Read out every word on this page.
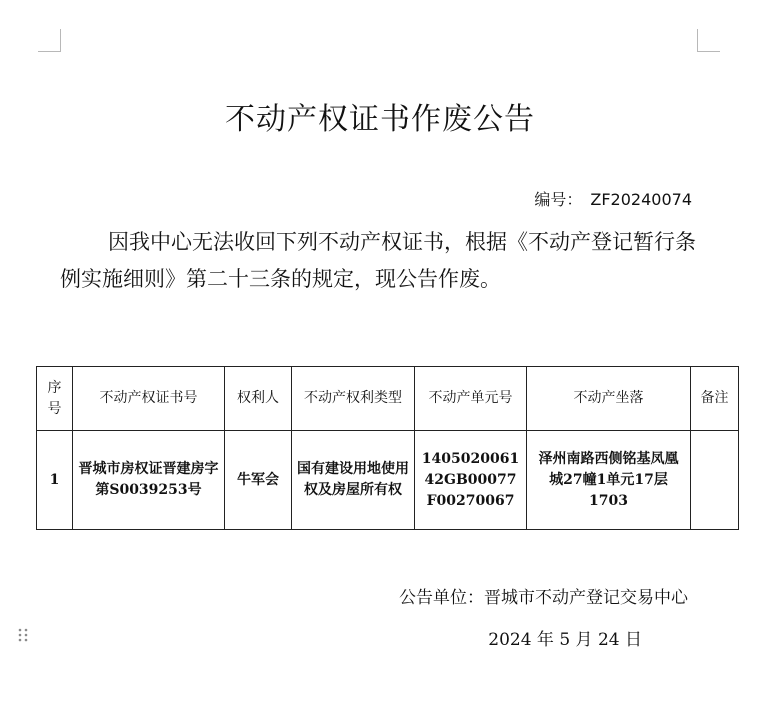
不动产权证书作废公告
编号： ZF20240074

因我中心无法收回下列不动产权证书，根据《不动产登记暂行条例实施细则》第二十三条的规定，现公告作废。

序号	不动产权证书号	权利人	不动产权利类型	不动产单元号	不动产坐落	备注
1	晋城市房权证晋建房字第S0039253号	牛军会	国有建设用地使用权及房屋所有权	140502006142GB00077F00270067	泽州南路西侧铭基凤凰城27幢1单元17层1703	
公告单位：晋城市不动产登记交易中心
2024 年 5 月 24 日
